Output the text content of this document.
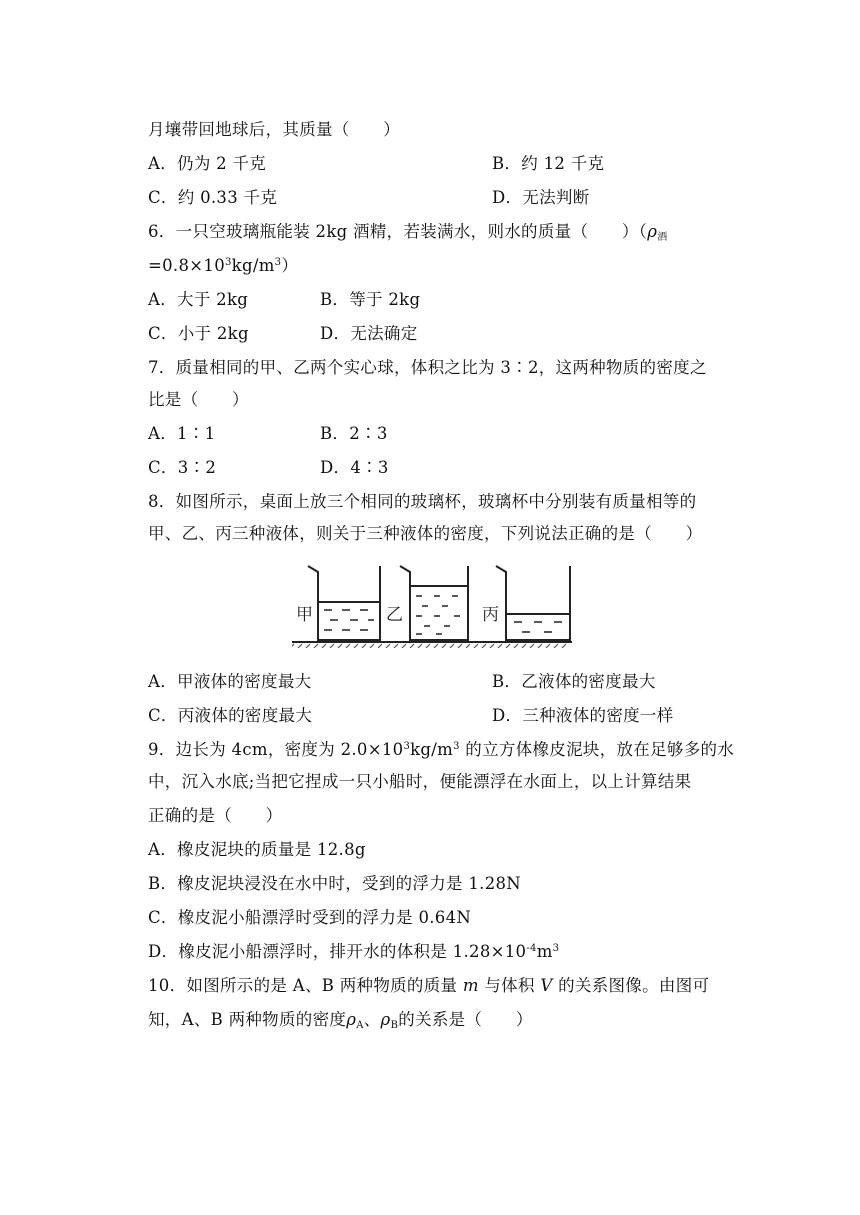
月壤带回地球后，其质量（　　）
A．仍为 2 千克	B．约 12 千克
C．约 0.33 千克	D．无法判断
6．一只空玻璃瓶能装 2kg 酒精，若装满水，则水的质量（　　）（$\rho_酒$
$=0.8\times 10^3kg/m^3$）
A．大于 2kg	B．等于 2kg
C．小于 2kg	D．无法确定
7．质量相同的甲、乙两个实心球，体积之比为 3∶2，这两种物质的密度之
比是（　　）
A．1∶1	B．2∶3
C．3∶2	D．4∶3
8．如图所示，桌面上放三个相同的玻璃杯，玻璃杯中分别装有质量相等的
甲、乙、丙三种液体，则关于三种液体的密度，下列说法正确的是（　　）
甲	乙	丙
A．甲液体的密度最大	B．乙液体的密度最大
C．丙液体的密度最大	D．三种液体的密度一样
9．边长为 4cm，密度为 $2.0\times 10^3kg/m^3$ 的立方体橡皮泥块，放在足够多的水
中，沉入水底;当把它捏成一只小船时，便能漂浮在水面上，以上计算结果
正确的是（　　）
A．橡皮泥块的质量是 12.8g
B．橡皮泥块浸没在水中时，受到的浮力是 1.28N
C．橡皮泥小船漂浮时受到的浮力是 0.64N
D．橡皮泥小船漂浮时，排开水的体积是 $1.28\times 10^{-4}m^3$
10．如图所示的是 A、B 两种物质的质量 m 与体积 V 的关系图像。由图可
知，A、B 两种物质的密度$\rho_A$、$\rho_B$的关系是（　　）
